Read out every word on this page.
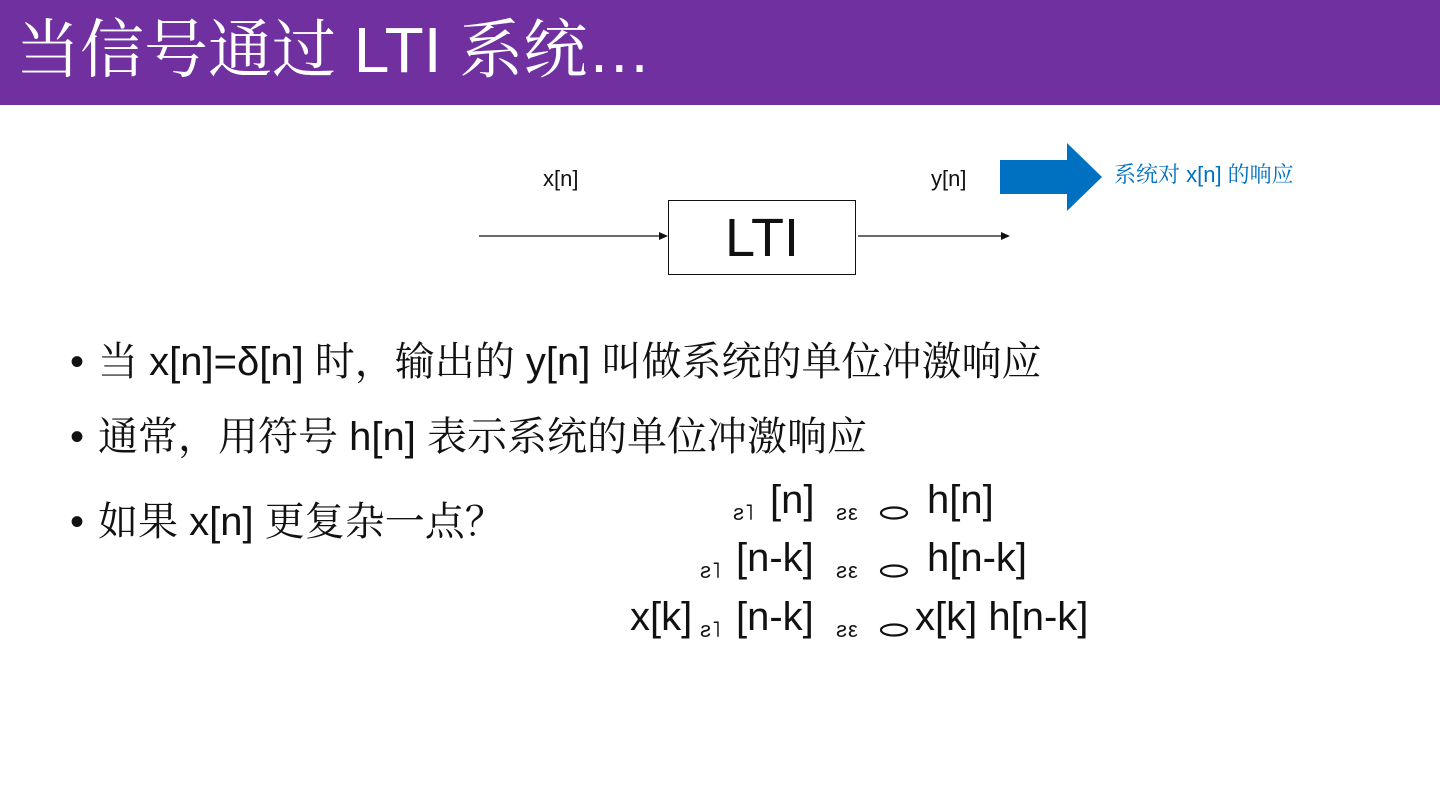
当信号通过 LTI 系统…
x[n]	y[n]
LTI
系统对 x[n] 的响应
• 当 x[n]=δ[n] 时，输出的 y[n] 叫做系统的单位冲激响应
• 通常，用符号 h[n] 表示系统的单位冲激响应
• 如果 x[n] 更复杂一点？	ƨ˥ [n] ƨε h[n]
ƨ˥ [n-k] ƨε h[n-k]
x[k] ƨ˥ [n-k] ƨε x[k] h[n-k]
